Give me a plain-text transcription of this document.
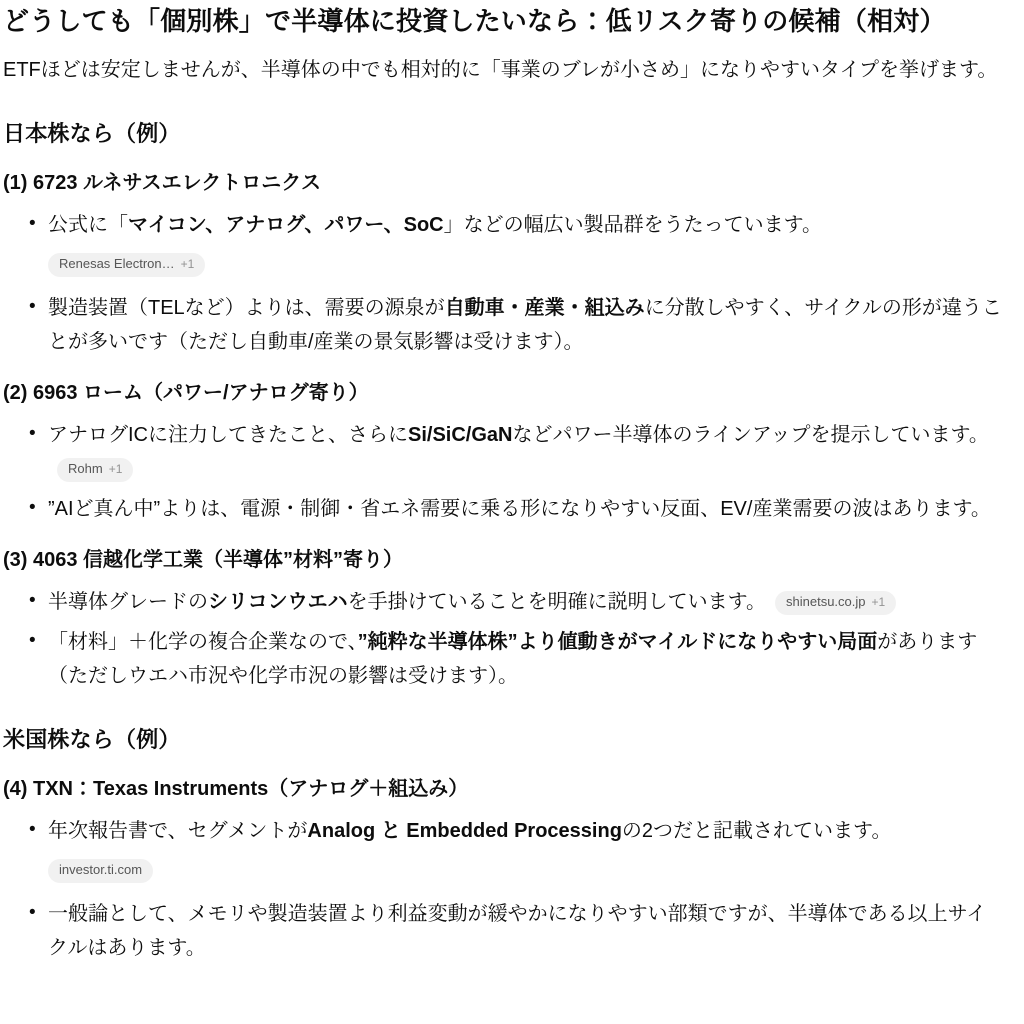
どうしても「個別株」で半導体に投資したいなら：低リスク寄りの候補（相対）

ETFほどは安定しませんが、半導体の中でも相対的に「事業のブレが小さめ」になりやすいタイプを挙げます。

日本株なら（例）
(1) 6723 ルネサスエレクトロニクス
• 公式に「マイコン、アナログ、パワー、SoC」などの幅広い製品群をうたっています。
Renesas Electron… +1
• 製造装置（TELなど）よりは、需要の源泉が自動車・産業・組込みに分散しやすく、サイクルの形が違うことが多いです（ただし自動車/産業の景気影響は受けます）。
(2) 6963 ローム（パワー/アナログ寄り）
• アナログICに注力してきたこと、さらにSi/SiC/GaNなどパワー半導体のラインアップを提示しています。Rohm +1
• ”AIど真ん中”よりは、電源・制御・省エネ需要に乗る形になりやすい反面、EV/産業需要の波はあります。
(3) 4063 信越化学工業（半導体”材料”寄り）
• 半導体グレードのシリコンウエハを手掛けていることを明確に説明しています。 shinetsu.co.jp +1
• 「材料」＋化学の複合企業なので、”純粋な半導体株”より値動きがマイルドになりやすい局面があります（ただしウエハ市況や化学市況の影響は受けます）。
米国株なら（例）
(4) TXN：Texas Instruments（アナログ＋組込み）
• 年次報告書で、セグメントがAnalog と Embedded Processingの2つだと記載されています。
investor.ti.com
• 一般論として、メモリや製造装置より利益変動が緩やかになりやすい部類ですが、半導体である以上サイクルはあります。
